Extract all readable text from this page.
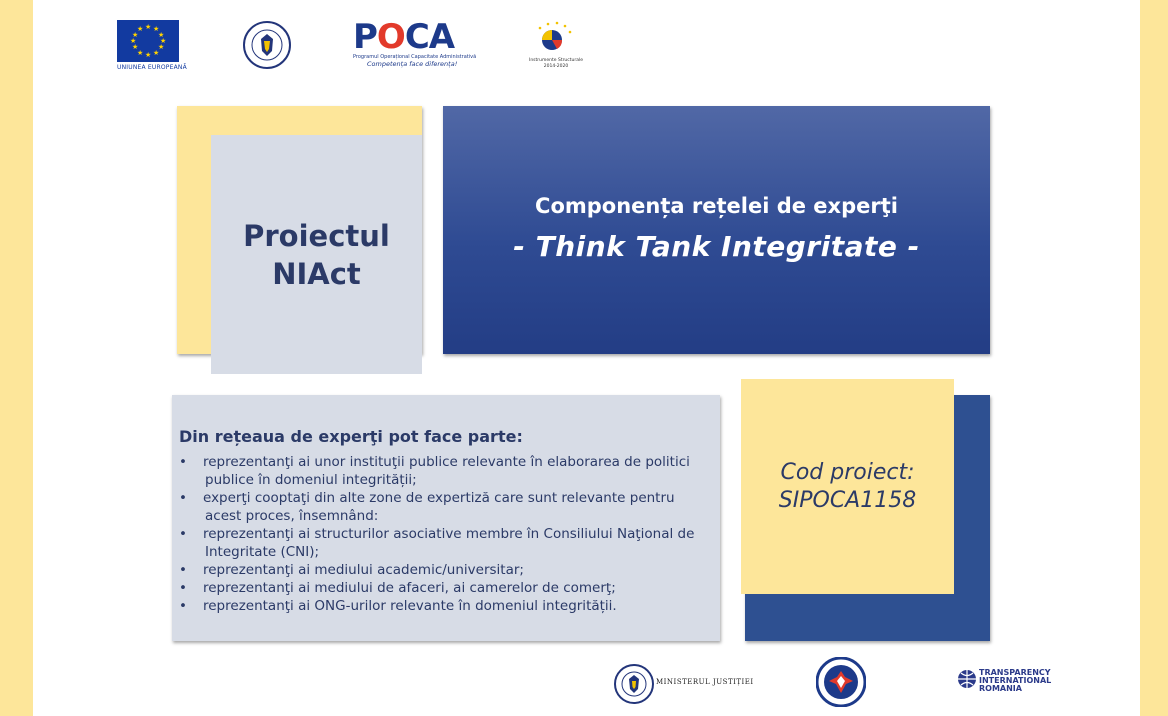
★ ★
★
★
★
★
★
★
★
★
★
★
UNIUNEA EUROPEANĂ
POCA
Programul Operațional Capacitate Administrativă
Competența face diferența!	Instrumente Structurale
2014-2020
Proiectul
NIAct
Componența rețelei de experţi
- Think Tank Integritate -
Din rețeaua de experţi pot face parte:
•	reprezentanţi ai unor instituţii publice relevante în elaborarea de politici publice în domeniul integrității;
•	experţi cooptaţi din alte zone de expertiză care sunt relevante pentru acest proces, însemnând:
•	reprezentanţi ai structurilor asociative membre în Consiliului Naţional de Integritate (CNI);
•	reprezentanţi ai mediului academic/universitar;
•	reprezentanţi ai mediului de afaceri, ai camerelor de comerţ;
•	reprezentanţi ai ONG-urilor relevante în domeniul integrității.
Cod proiect:
SIPOCA1158
MINISTERUL JUSTIȚIEI
TRANSPARENCY
INTERNATIONAL
ROMANIA
